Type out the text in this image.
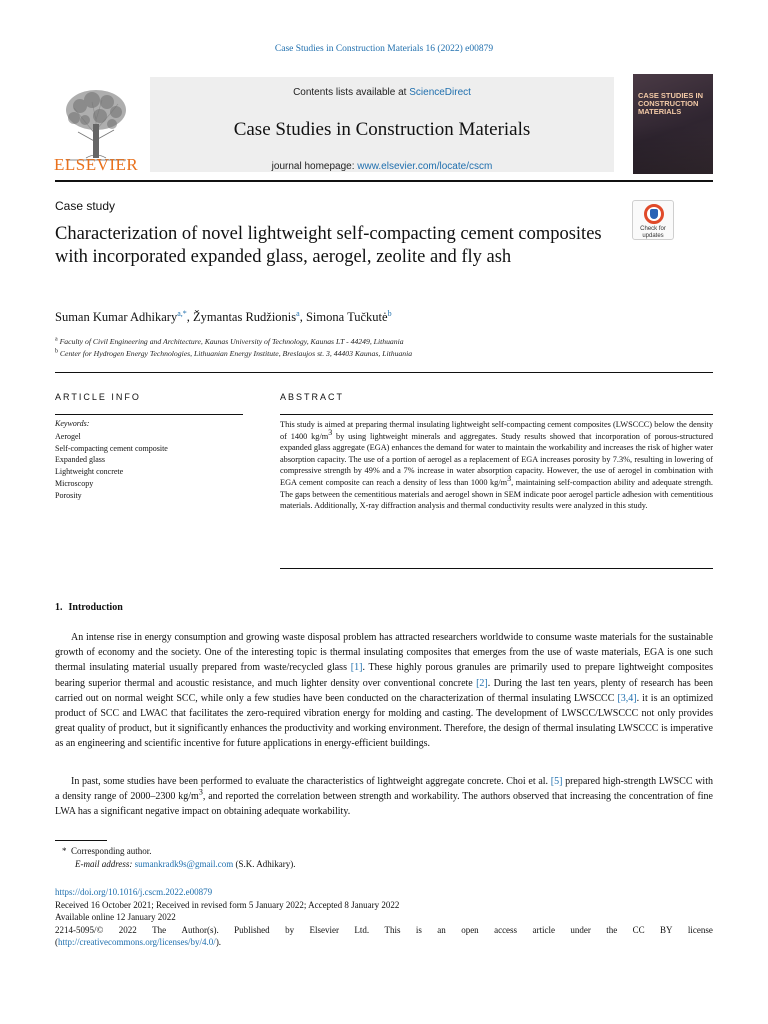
Case Studies in Construction Materials 16 (2022) e00879
ELSEVIER
Contents lists available at ScienceDirect
Case Studies in Construction Materials
journal homepage: www.elsevier.com/locate/cscm
CASE STUDIES IN CONSTRUCTION MATERIALS
Case study
Check for
updates
Characterization of novel lightweight self-compacting cement composites with incorporated expanded glass, aerogel, zeolite and fly ash
Suman Kumar Adhikary$^{a,*}$, Žymantas Rudžionis$^a$, Simona Tučkutė$^b$
$^a$ Faculty of Civil Engineering and Architecture, Kaunas University of Technology, Kaunas LT - 44249, Lithuania
$^b$ Center for Hydrogen Energy Technologies, Lithuanian Energy Institute, Breslaujos st. 3, 44403 Kaunas, Lithuania
ARTICLE INFO	ABSTRACT
Keywords:
Aerogel
Self-compacting cement composite
Expanded glass
Lightweight concrete
Microscopy
Porosity
This study is aimed at preparing thermal insulating lightweight self-compacting cement composites (LWSCCC) below the density of 1400 $kg/m^3$ by using lightweight minerals and aggregates. Study results showed that incorporation of porous-structured expanded glass aggregate (EGA) enhances the demand for water to maintain the workability and increases the risk of higher water absorption capacity. The use of a portion of aerogel as a replacement of EGA increases porosity by 7.3%, resulting in lowering of compressive strength by 49% and a 7% increase in water absorption capacity. However, the use of aerogel in combination with EGA cement composite can reach a density of less than 1000 $kg/m^3$, maintaining self-compaction ability and adequate strength. The gaps between the cementitious materials and aerogel shown in SEM indicate poor aerogel particle adhesion with cementitious materials. Additionally, X-ray diffraction analysis and thermal conductivity results were analyzed in this study.
1. Introduction
An intense rise in energy consumption and growing waste disposal problem has attracted researchers worldwide to consume waste materials for the sustainable growth of economy and the society. One of the interesting topic is thermal insulating composites that emerges from the use of waste materials, EGA is one such thermal insulating material usually prepared from waste/recycled glass [1]. These highly porous granules are primarily used to prepare lightweight composites bearing superior thermal and acoustic resistance, and much lighter density over conventional concrete [2]. During the last ten years, plenty of research has been carried out on normal weight SCC, while only a few studies have been conducted on the characterization of thermal insulating LWSCCC [3,4]. it is an optimized product of SCC and LWAC that facilitates the zero-required vibration energy for molding and casting. The development of LWSCC/LWSCCC not only provides great quality of product, but it significantly enhances the productivity and working environment. Therefore, the design of thermal insulating LWSCCC is imperative as an engineering and scientific incentive for future applications in energy-efficient buildings.
In past, some studies have been performed to evaluate the characteristics of lightweight aggregate concrete. Choi et al. [5] prepared high-strength LWSCC with a density range of 2000–2300 $kg/m^3$, and reported the correlation between strength and workability. The authors observed that increasing the concentration of fine LWA has a significant negative impact on obtaining adequate workability.
* Corresponding author.
E-mail address: sumankradk9s@gmail.com (S.K. Adhikary).
https://doi.org/10.1016/j.cscm.2022.e00879
Received 16 October 2021; Received in revised form 5 January 2022; Accepted 8 January 2022
Available online 12 January 2022
2214-5095/© 2022 The Author(s). Published by Elsevier Ltd. This is an open access article under the CC BY license
(http://creativecommons.org/licenses/by/4.0/).
